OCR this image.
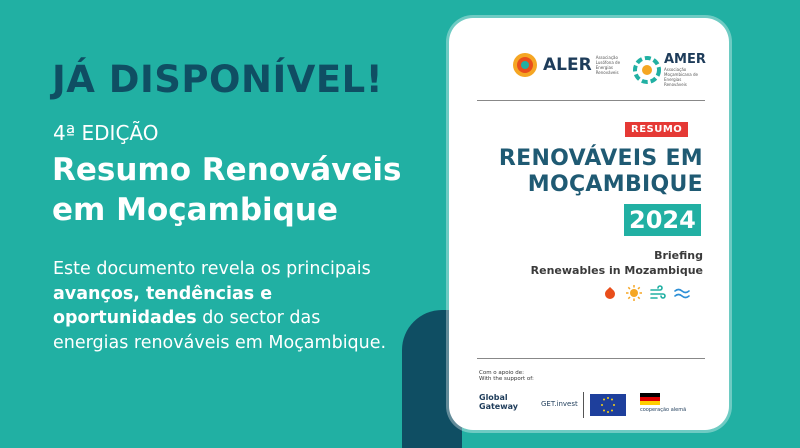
JÁ DISPONÍVEL!

4ª EDIÇÃO

Resumo Renováveis
em Moçambique

Este documento revela os principais avanços, tendências e oportunidades do sector das energias renováveis em Moçambique.

ALER Associação Lusófona de Energias Renováveis
AMER
Associação Moçambicana de Energias Renováveis
RESUMO
RENOVÁVEIS EM
MOÇAMBIQUE
2024
Briefing
Renewables in Mozambique
Com o apoio de:
With the support of:
Global
Gateway	GET.invest
cooperação alemã
